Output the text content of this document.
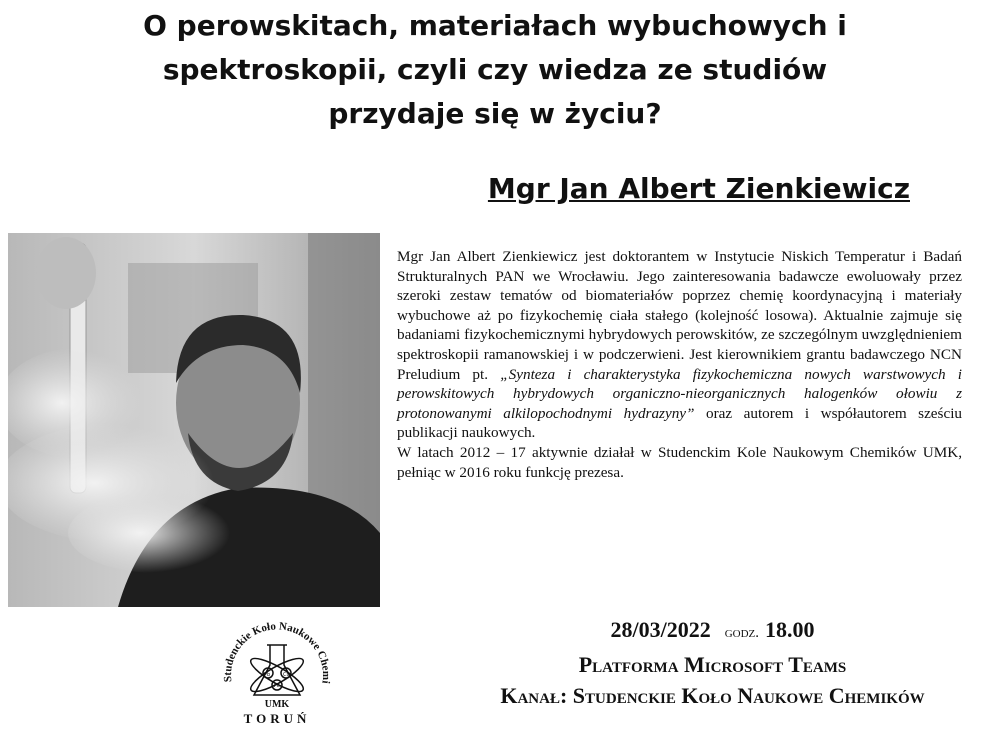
O perowskitach, materiałach wybuchowych i
spektroskopii, czyli czy wiedza ze studiów
przydaje się w życiu?
Mgr Jan Albert Zienkiewicz

Mgr Jan Albert Zienkiewicz jest doktorantem w Instytucie Niskich Temperatur i Badań Strukturalnych PAN we Wrocławiu. Jego zainteresowania badawcze ewoluowały przez szeroki zestaw tematów od biomateriałów poprzez chemię koordynacyjną i materiały wybuchowe aż po fizykochemię ciała stałego (kolejność losowa). Aktualnie zajmuje się badaniami fizykochemicznymi hybrydowych perowskitów, ze szczególnym uwzględnieniem spektroskopii ramanowskiej i w podczerwieni. Jest kierownikiem grantu badawczego NCN Preludium pt. „Synteza i charakterystyka fizykochemiczna nowych warstwowych i perowskitowych hybrydowych organiczno-nieorganicznych halogenków ołowiu z protonowanymi alkilopochodnymi hydrazyny” oraz autorem i współautorem sześciu publikacji naukowych.

W latach 2012 – 17 aktywnie działał w Studenckim Kole Naukowym Chemików UMK, pełniąc w 2016 roku funkcję prezesa.

Studenckie Koło Naukowe Chemi
Pb	Cu
Fe
UMK
TORUŃ
28/03/2022 godz. 18.00
Platforma Microsoft Teams
Kanał: Studenckie Koło Naukowe Chemików
